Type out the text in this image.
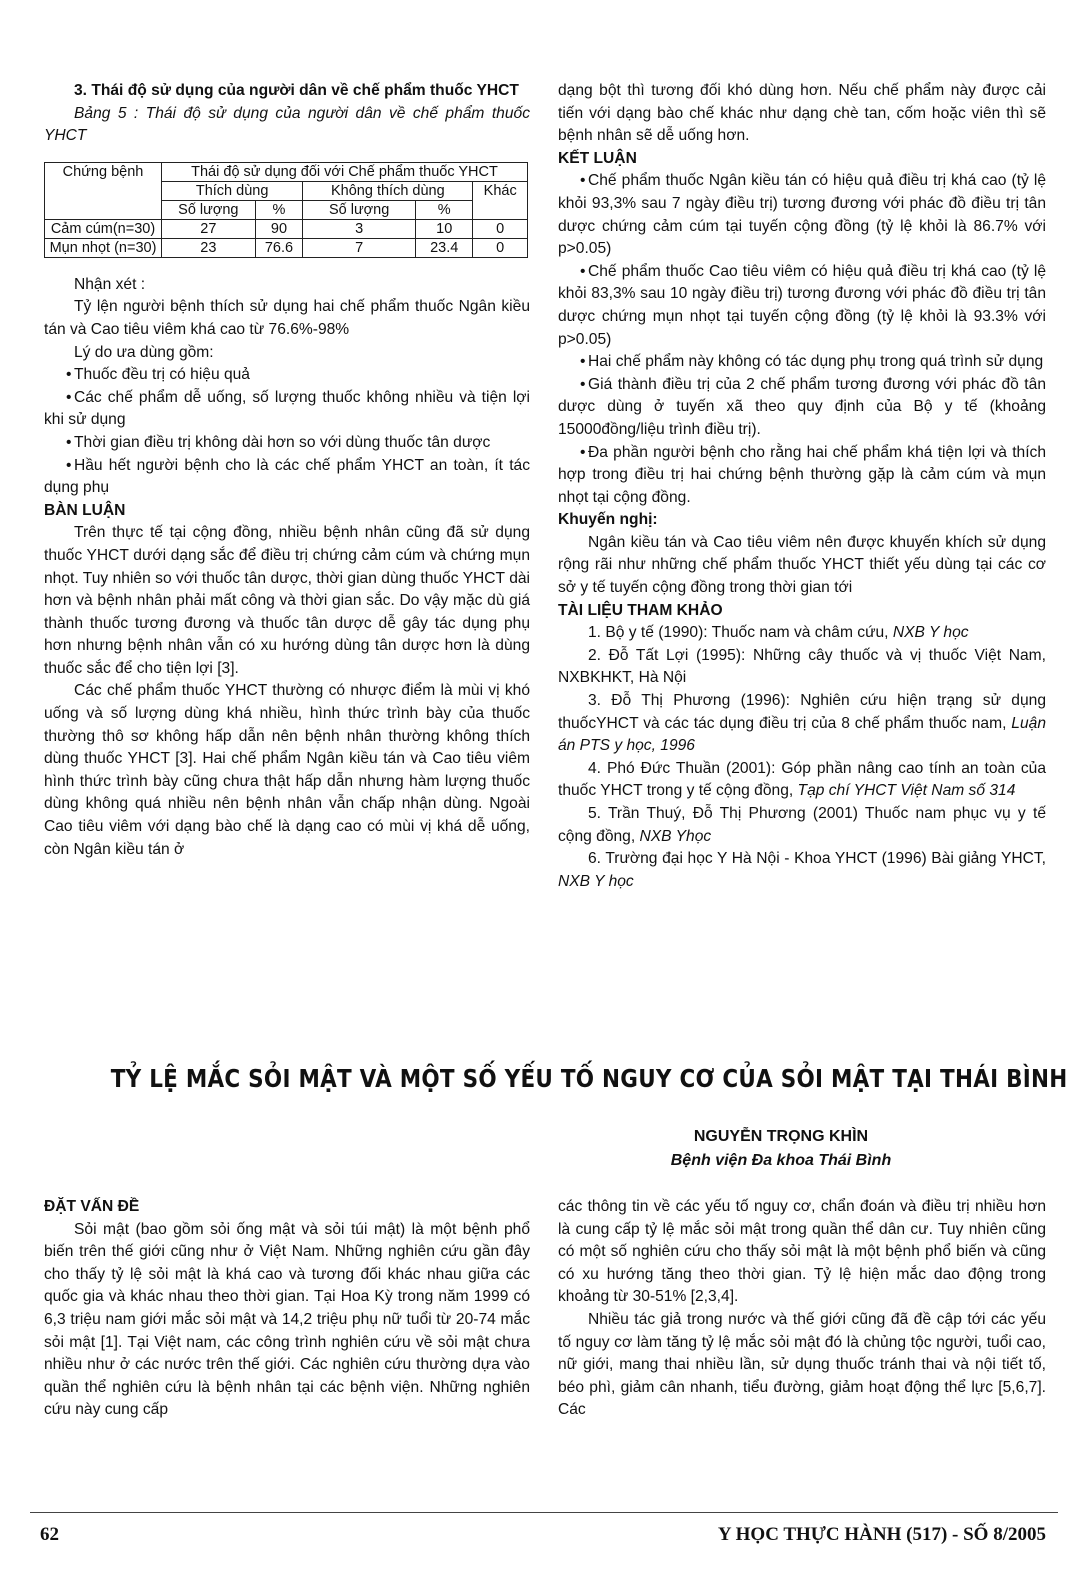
3. Thái độ sử dụng của người dân về chế phẩm thuốc YHCT

Bảng 5 : Thái độ sử dụng của người dân về chế phẩm thuốc YHCT

Chứng bệnh	Thái độ sử dụng đối với Chế phẩm thuốc YHCT				
	Thích dùng		Không thích dùng		Khác
	Số lượng	%	Số lượng	%	
Cảm cúm(n=30)	27	90	3	10	0
Mụn nhọt (n=30)	23	76.6	7	23.4	0

Nhận xét :

Tỷ lện người bệnh thích sử dụng hai chế phẩm thuốc Ngân kiều tán và Cao tiêu viêm khá cao từ 76.6%-98%

Lý do ưa dùng gồm:

• Thuốc đều trị có hiệu quả

• Các chế phẩm dễ uống, số lượng thuốc không nhiều và tiện lợi khi sử dụng

• Thời gian điều trị không dài hơn so với dùng thuốc tân dược

• Hầu hết người bệnh cho là các chế phẩm YHCT an toàn, ít tác dụng phụ

BÀN LUẬN

Trên thực tế tại cộng đồng, nhiều bệnh nhân cũng đã sử dụng thuốc YHCT dưới dạng sắc để điều trị chứng cảm cúm và chứng mụn nhọt. Tuy nhiên so với thuốc tân dược, thời gian dùng thuốc YHCT dài hơn và bệnh nhân phải mất công và thời gian sắc. Do vậy mặc dù giá thành thuốc tương đương và thuốc tân dược dễ gây tác dụng phụ hơn nhưng bệnh nhân vẫn có xu hướng dùng tân dược hơn là dùng thuốc sắc để cho tiện lợi [3].

Các chế phẩm thuốc YHCT thường có nhược điểm là mùi vị khó uống và số lượng dùng khá nhiều, hình thức trình bày của thuốc thường thô sơ không hấp dẫn nên bệnh nhân thường không thích dùng thuốc YHCT [3]. Hai chế phẩm Ngân kiều tán và Cao tiêu viêm hình thức trình bày cũng chưa thật hấp dẫn nhưng hàm lượng thuốc dùng không quá nhiều nên bệnh nhân vẫn chấp nhận dùng. Ngoài Cao tiêu viêm với dạng bào chế là dạng cao có mùi vị khá dễ uống, còn Ngân kiều tán ở

dạng bột thì tương đối khó dùng hơn. Nếu chế phẩm này được cải tiến với dạng bào chế khác như dạng chè tan, cốm hoặc viên thì sẽ bệnh nhân sẽ dễ uống hơn.

KẾT LUẬN

• Chế phẩm thuốc Ngân kiều tán có hiệu quả điều trị khá cao (tỷ lệ khỏi 93,3% sau 7 ngày điều trị) tương đương với phác đồ điều trị tân dược chứng cảm cúm tại tuyến cộng đồng (tỷ lệ khỏi là 86.7% với p>0.05)

• Chế phẩm thuốc Cao tiêu viêm có hiệu quả điều trị khá cao (tỷ lệ khỏi 83,3% sau 10 ngày điều trị) tương đương với phác đồ điều trị tân dược chứng mụn nhọt tại tuyến cộng đồng (tỷ lệ khỏi là 93.3% với p>0.05)

• Hai chế phẩm này không có tác dụng phụ trong quá trình sử dụng

• Giá thành điều trị của 2 chế phẩm tương đương với phác đồ tân dược dùng ở tuyến xã theo quy định của Bộ y tế (khoảng 15000đồng/liệu trình điều trị).

• Đa phần người bệnh cho rằng hai chế phẩm khá tiện lợi và thích hợp trong điều trị hai chứng bệnh thường gặp là cảm cúm và mụn nhọt tại cộng đồng.

Khuyến nghị:

Ngân kiều tán và Cao tiêu viêm nên được khuyến khích sử dụng rộng rãi như những chế phẩm thuốc YHCT thiết yếu dùng tại các cơ sở y tế tuyến cộng đồng trong thời gian tới

TÀI LIỆU THAM KHẢO

1. Bộ y tế (1990): Thuốc nam và châm cứu, NXB Y học

2. Đỗ Tất Lợi (1995): Những cây thuốc và vị thuốc Việt Nam, NXBKHKT, Hà Nội

3. Đỗ Thị Phương (1996): Nghiên cứu hiện trạng sử dụng thuốcYHCT và các tác dụng điều trị của 8 chế phẩm thuốc nam, Luận án PTS y học, 1996

4. Phó Đức Thuần (2001): Góp phần nâng cao tính an toàn của thuốc YHCT trong y tế cộng đồng, Tạp chí YHCT Việt Nam số 314

5. Trần Thuý, Đỗ Thị Phương (2001) Thuốc nam phục vụ y tế cộng đồng, NXB Yhọc

6. Trường đại học Y Hà Nội - Khoa YHCT (1996) Bài giảng YHCT, NXB Y học

TỶ LỆ MẮC SỎI MẬT VÀ MỘT SỐ YẾU TỐ NGUY CƠ CỦA SỎI MẬT TẠI THÁI BÌNH
NGUYỄN TRỌNG KHÌN
Bệnh viện Đa khoa Thái Bình

ĐẶT VẤN ĐỀ

Sỏi mật (bao gồm sỏi ống mật và sỏi túi mật) là một bệnh phổ biến trên thế giới cũng như ở Việt Nam. Những nghiên cứu gần đây cho thấy tỷ lệ sỏi mật là khá cao và tương đối khác nhau giữa các quốc gia và khác nhau theo thời gian. Tại Hoa Kỳ trong năm 1999 có 6,3 triệu nam giới mắc sỏi mật và 14,2 triệu phụ nữ tuổi từ 20-74 mắc sỏi mật [1]. Tại Việt nam, các công trình nghiên cứu về sỏi mật chưa nhiều như ở các nước trên thế giới. Các nghiên cứu thường dựa vào quần thể nghiên cứu là bệnh nhân tại các bệnh viện. Những nghiên cứu này cung cấp

các thông tin về các yếu tố nguy cơ, chẩn đoán và điều trị nhiều hơn là cung cấp tỷ lệ mắc sỏi mật trong quần thể dân cư. Tuy nhiên cũng có một số nghiên cứu cho thấy sỏi mật là một bệnh phổ biến và cũng có xu hướng tăng theo thời gian. Tỷ lệ hiện mắc dao động trong khoảng từ 30-51% [2,3,4].

Nhiều tác giả trong nước và thế giới cũng đã đề cập tới các yếu tố nguy cơ làm tăng tỷ lệ mắc sỏi mật đó là chủng tộc người, tuổi cao, nữ giới, mang thai nhiều lần, sử dụng thuốc tránh thai và nội tiết tố, béo phì, giảm cân nhanh, tiểu đường, giảm hoạt động thể lực [5,6,7]. Các

62	Y HỌC THỰC HÀNH (517) - SỐ 8/2005
